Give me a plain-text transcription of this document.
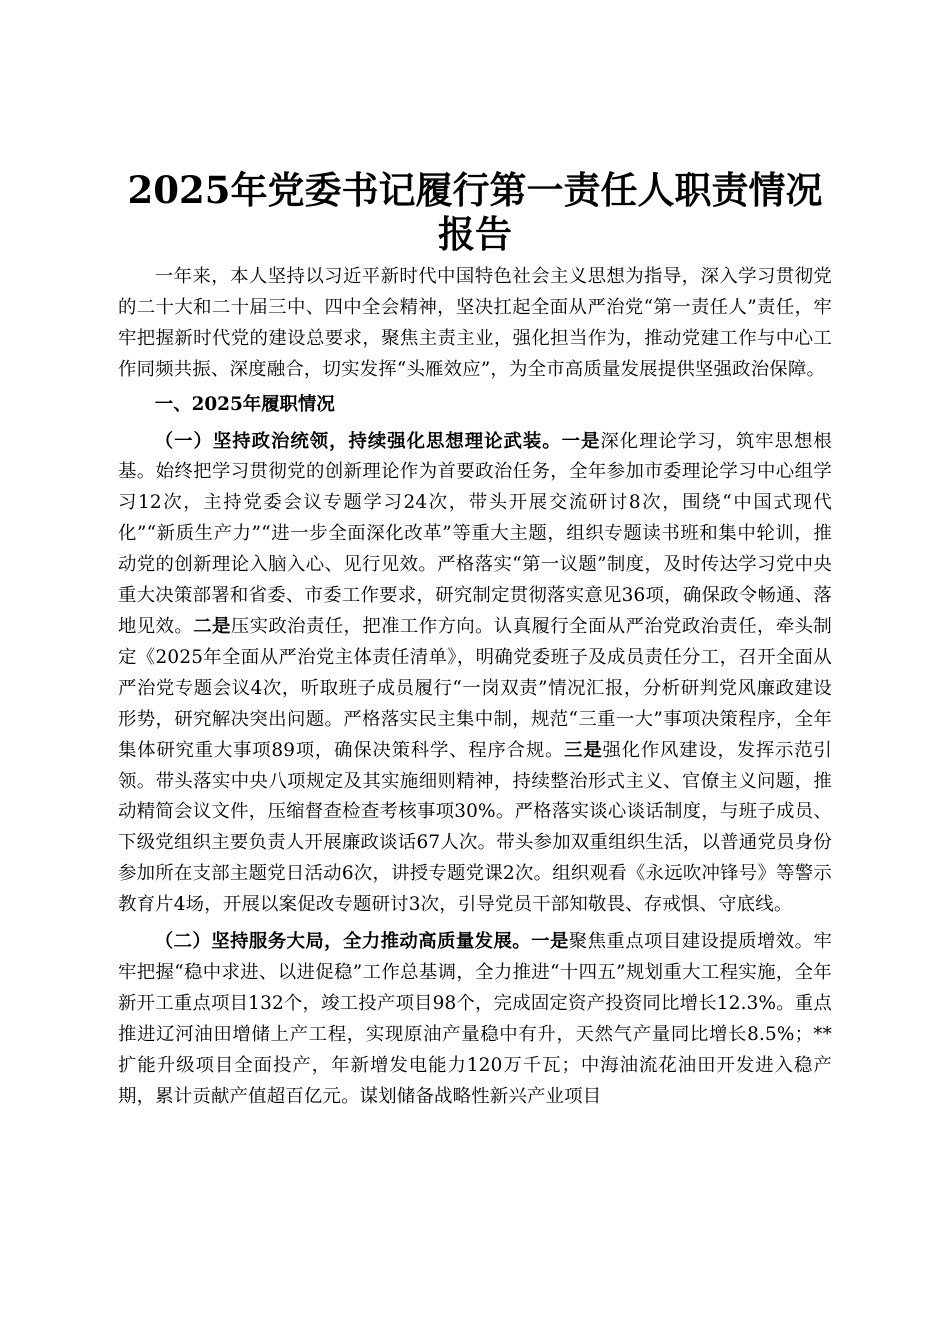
2025年党委书记履行第一责任人职责情况报告

一年来，本人坚持以习近平新时代中国特色社会主义思想为指导，深入学习贯彻党的二十大和二十届三中、四中全会精神，坚决扛起全面从严治党“第一责任人”责任，牢牢把握新时代党的建设总要求，聚焦主责主业，强化担当作为，推动党建工作与中心工作同频共振、深度融合，切实发挥“头雁效应”，为全市高质量发展提供坚强政治保障。

一、2025年履职情况

（一）坚持政治统领，持续强化思想理论武装。一是深化理论学习，筑牢思想根基。始终把学习贯彻党的创新理论作为首要政治任务，全年参加市委理论学习中心组学习12次，主持党委会议专题学习24次，带头开展交流研讨8次，围绕“中国式现代化”“新质生产力”“进一步全面深化改革”等重大主题，组织专题读书班和集中轮训，推动党的创新理论入脑入心、见行见效。严格落实“第一议题”制度，及时传达学习党中央重大决策部署和省委、市委工作要求，研究制定贯彻落实意见36项，确保政令畅通、落地见效。二是压实政治责任，把准工作方向。认真履行全面从严治党政治责任，牵头制定《2025年全面从严治党主体责任清单》，明确党委班子及成员责任分工，召开全面从严治党专题会议4次，听取班子成员履行“一岗双责”情况汇报，分析研判党风廉政建设形势，研究解决突出问题。严格落实民主集中制，规范“三重一大”事项决策程序，全年集体研究重大事项89项，确保决策科学、程序合规。三是强化作风建设，发挥示范引领。带头落实中央八项规定及其实施细则精神，持续整治形式主义、官僚主义问题，推动精简会议文件，压缩督查检查考核事项30%。严格落实谈心谈话制度，与班子成员、下级党组织主要负责人开展廉政谈话67人次。带头参加双重组织生活，以普通党员身份参加所在支部主题党日活动6次，讲授专题党课2次。组织观看《永远吹冲锋号》等警示教育片4场，开展以案促改专题研讨3次，引导党员干部知敬畏、存戒惧、守底线。

（二）坚持服务大局，全力推动高质量发展。一是聚焦重点项目建设提质增效。牢牢把握“稳中求进、以进促稳”工作总基调，全力推进“十四五”规划重大工程实施，全年新开工重点项目132个，竣工投产项目98个，完成固定资产投资同比增长12.3%。重点推进辽河油田增储上产工程，实现原油产量稳中有升，天然气产量同比增长8.5%；**扩能升级项目全面投产，年新增发电能力120万千瓦；中海油流花油田开发进入稳产期，累计贡献产值超百亿元。谋划储备战略性新兴产业项目
